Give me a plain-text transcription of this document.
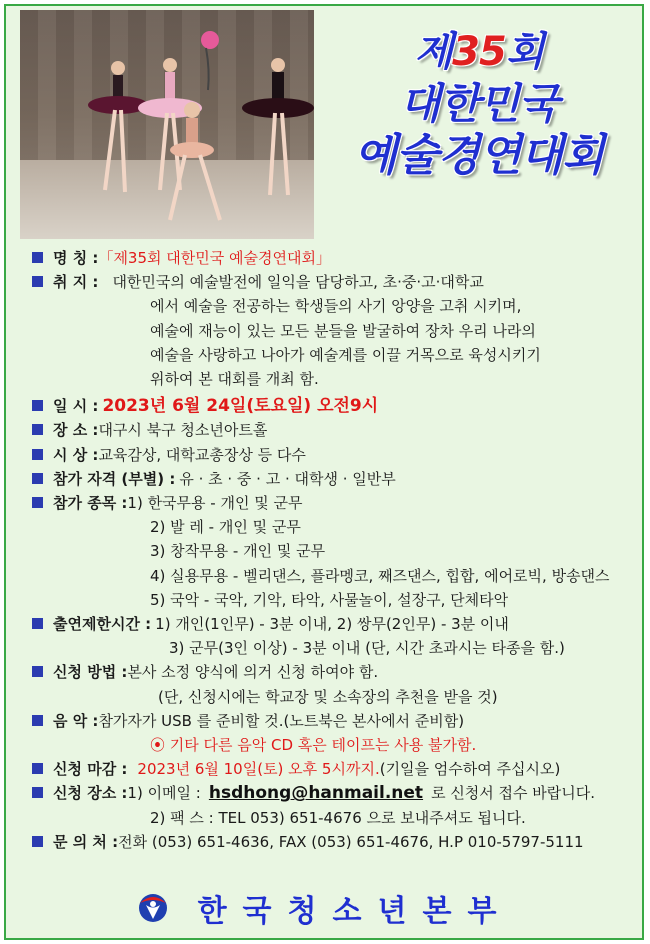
제35회
대한민국
예술경연대회
명 칭 : 「제35회 대한민국 예술경연대회」
취 지 : 대한민국의 예술발전에 일익을 담당하고, 초·중·고·대학교
에서 예술을 전공하는 학생들의 사기 앙양을 고취 시키며,
예술에 재능이 있는 모든 분들을 발굴하여 장차 우리 나라의
예술을 사랑하고 나아가 예술계를 이끌 거목으로 육성시키기
위하여 본 대회를 개최 함.
일 시 : 2023년 6월 24일(토요일) 오전9시
장 소 : 대구시 북구 청소년아트홀
시 상 : 교육감상, 대학교총장상 등 다수
참가 자격 (부별) : 유 · 초 · 중 · 고 · 대학생 · 일반부
참가 종목 : 1) 한국무용 - 개인 및 군무
2) 발 레 - 개인 및 군무
3) 창작무용 - 개인 및 군무
4) 실용무용 - 벨리댄스, 플라멩코, 째즈댄스, 힙합, 에어로빅, 방송댄스
5) 국악 - 국악, 기악, 타악, 사물놀이, 설장구, 단체타악
출연제한시간 : 1) 개인(1인무) - 3분 이내, 2) 쌍무(2인무) - 3분 이내
3) 군무(3인 이상) - 3분 이내 (단, 시간 초과시는 타종을 함.)
신청 방법 : 본사 소정 양식에 의거 신청 하여야 함.
(단, 신청시에는 학교장 및 소속장의 추천을 받을 것)
음 악 : 참가자가 USB 를 준비할 것.(노트북은 본사에서 준비함)
⦿ 기타 다른 음악 CD 혹은 테이프는 사용 불가함.
신청 마감 : 2023년 6월 10일(토) 오후 5시까지. (기일을 엄수하여 주십시오)
신청 장소 : 1) 이메일 : hsdhong@hanmail.net 로 신청서 접수 바랍니다.
2) 팩 스 : TEL 053) 651-4676 으로 보내주셔도 됩니다.
문 의 처 : 전화 (053) 651-4636, FAX (053) 651-4676, H.P 010-5797-5111
한국청소년본부
